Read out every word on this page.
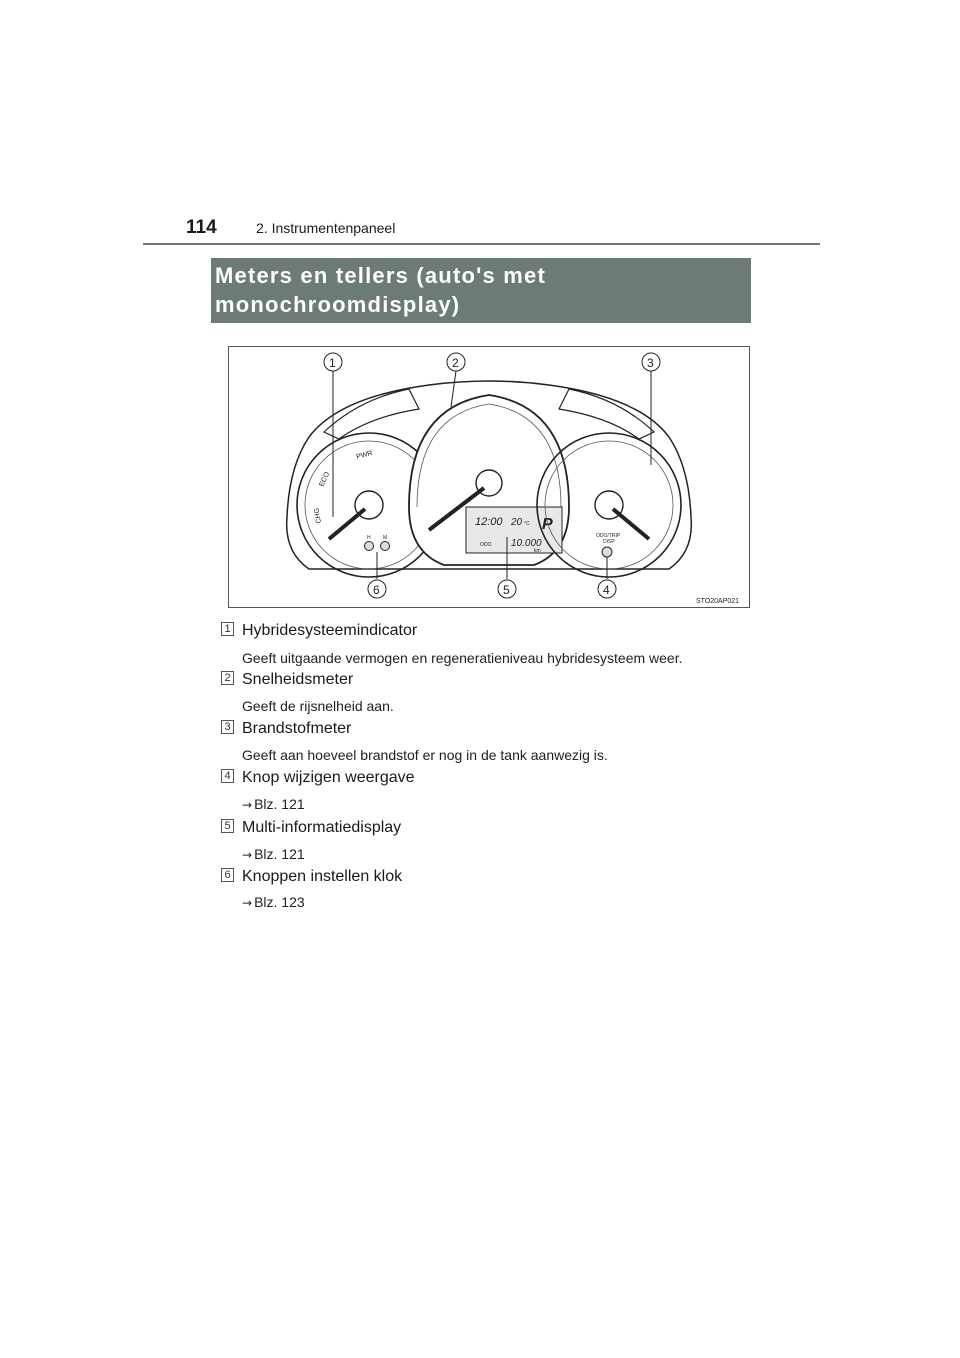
114	2. Instrumentenpaneel
Meters en tellers (auto's met
monochroomdisplay)
ECO
CHG
PWR
H M
12:00 20 °C P
ODO 10.000
km
ODO/TRIP
DISP
1	2	3
4
5
6
STO20AP021
1 Hybridesysteemindicator
Geeft uitgaande vermogen en regeneratieniveau hybridesysteem weer.
2 Snelheidsmeter
Geeft de rijsnelheid aan.
3 Brandstofmeter
Geeft aan hoeveel brandstof er nog in de tank aanwezig is.
4 Knop wijzigen weergave
→ Blz. 121
5 Multi-informatiedisplay
→ Blz. 121
6 Knoppen instellen klok
→ Blz. 123
